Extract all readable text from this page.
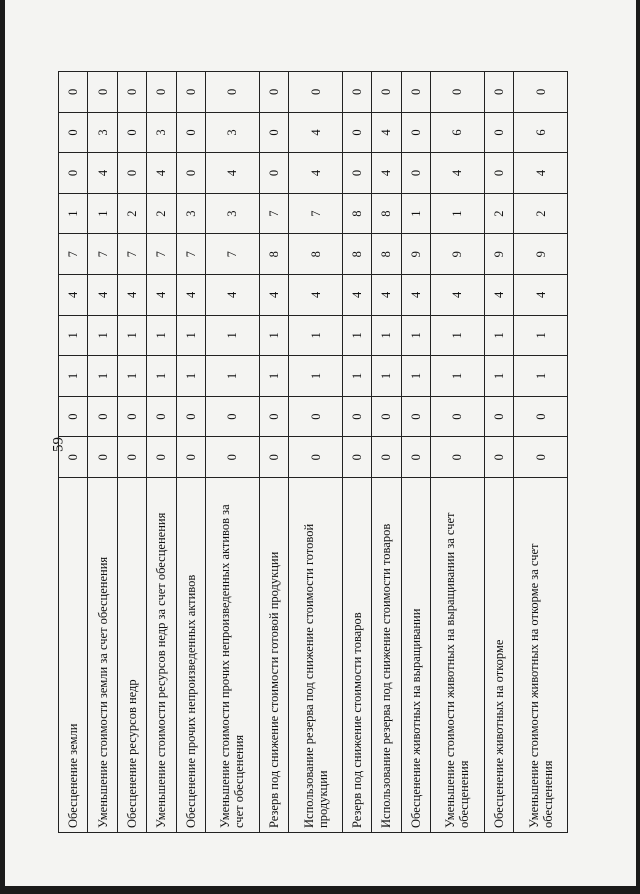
59
Обесценение земли	0	0	1	1	4	7	1	0	0	0
Уменьшение стоимости земли за счет обесценения	0	0	1	1	4	7	1	4	3	0
Обесценение ресурсов недр	0	0	1	1	4	7	2	0	0	0
Уменьшение стоимости ресурсов недр за счет обесценения	0	0	1	1	4	7	2	4	3	0
Обесценение прочих непроизведенных активов	0	0	1	1	4	7	3	0	0	0
Уменьшение стоимости прочих непроизведенных активов за счет обесценения	0	0	1	1	4	7	3	4	3	0
Резерв под снижение стоимости готовой продукции	0	0	1	1	4	8	7	0	0	0
Использование резерва под снижение стоимости готовой продукции	0	0	1	1	4	8	7	4	4	0
Резерв под снижение стоимости товаров	0	0	1	1	4	8	8	0	0	0
Использование резерва под снижение стоимости товаров	0	0	1	1	4	8	8	4	4	0
Обесценение животных на выращивании	0	0	1	1	4	9	1	0	0	0
Уменьшение стоимости животных на выращивании за счет обесценения	0	0	1	1	4	9	1	4	6	0
Обесценение животных на откорме	0	0	1	1	4	9	2	0	0	0
Уменьшение стоимости животных на откорме за счет обесценения	0	0	1	1	4	9	2	4	6	0
